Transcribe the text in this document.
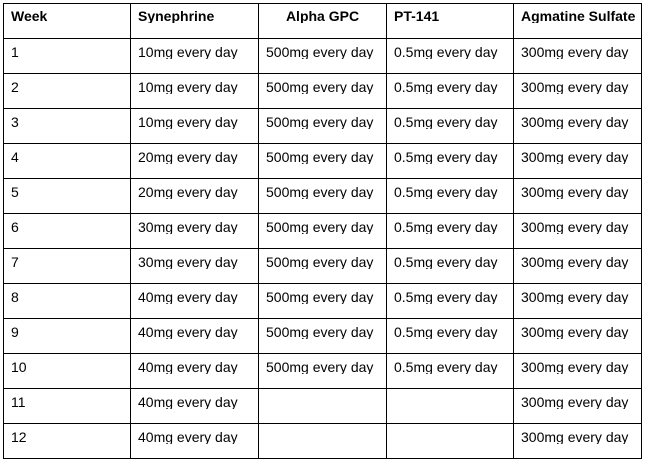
Week	Synephrine	Alpha GPC	PT-141	Agmatine Sulfate

1	10mg every day	500mg every day	0.5mg every day	300mg every day

2	10mg every day	500mg every day	0.5mg every day	300mg every day

3	10mg every day	500mg every day	0.5mg every day	300mg every day

4	20mg every day	500mg every day	0.5mg every day	300mg every day

5	20mg every day	500mg every day	0.5mg every day	300mg every day

6	30mg every day	500mg every day	0.5mg every day	300mg every day

7	30mg every day	500mg every day	0.5mg every day	300mg every day

8	40mg every day	500mg every day	0.5mg every day	300mg every day

9	40mg every day	500mg every day	0.5mg every day	300mg every day

10	40mg every day	500mg every day	0.5mg every day	300mg every day

11	40mg every day			300mg every day

12	40mg every day			300mg every day
